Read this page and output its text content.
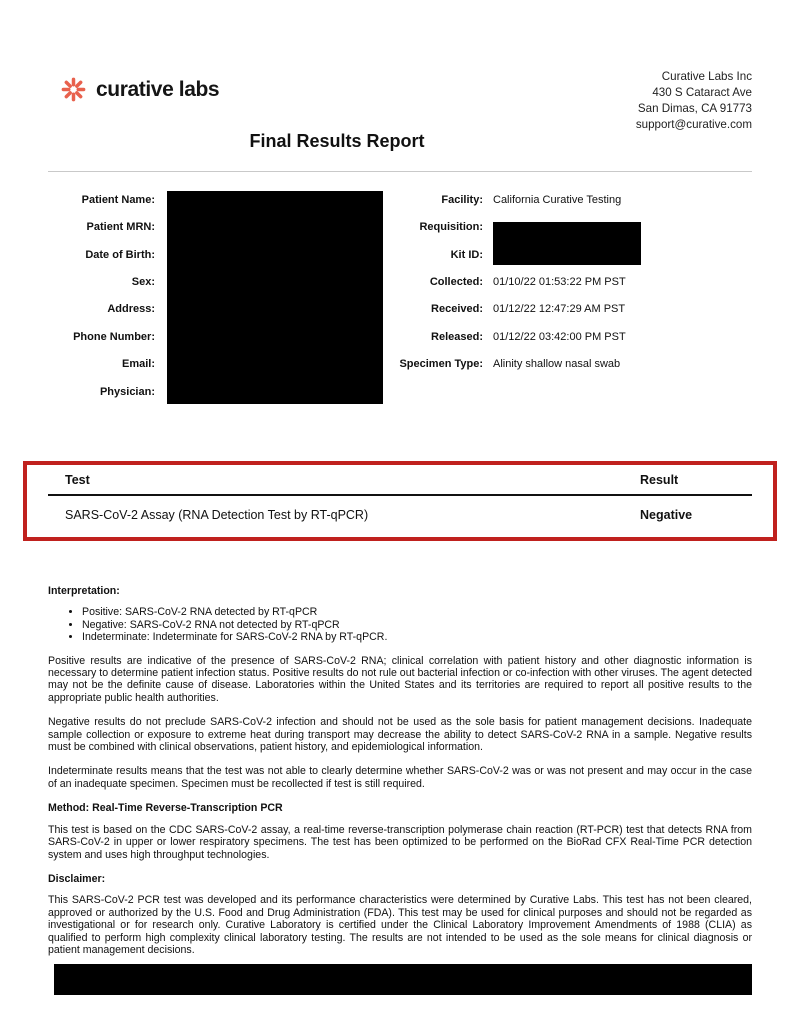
curative labs
Curative Labs Inc
430 S Cataract Ave
San Dimas, CA 91773
support@curative.com
Final Results Report
Patient Name:
Patient MRN:
Date of Birth:
Sex:
Address:
Phone Number:
Email:
Physician:
Facility: California Curative Testing
Requisition:
Kit ID:
Collected: 01/10/22 01:53:22 PM PST
Received: 01/12/22 12:47:29 AM PST
Released: 01/12/22 03:42:00 PM PST
Specimen Type: Alinity shallow nasal swab
Test	Result
SARS-CoV-2 Assay (RNA Detection Test by RT-qPCR)	Negative
Interpretation:
• Positive: SARS-CoV-2 RNA detected by RT-qPCR
• Negative: SARS-CoV-2 RNA not detected by RT-qPCR
• Indeterminate: Indeterminate for SARS-CoV-2 RNA by RT-qPCR.

Positive results are indicative of the presence of SARS-CoV-2 RNA; clinical correlation with patient history and other diagnostic information is necessary to determine patient infection status. Positive results do not rule out bacterial infection or co-infection with other viruses. The agent detected may not be the definite cause of disease. Laboratories within the United States and its territories are required to report all positive results to the appropriate public health authorities.

Negative results do not preclude SARS-CoV-2 infection and should not be used as the sole basis for patient management decisions. Inadequate sample collection or exposure to extreme heat during transport may decrease the ability to detect SARS-CoV-2 RNA in a sample. Negative results must be combined with clinical observations, patient history, and epidemiological information.

Indeterminate results means that the test was not able to clearly determine whether SARS-CoV-2 was or was not present and may occur in the case of an inadequate specimen. Specimen must be recollected if test is still required.

Method: Real-Time Reverse-Transcription PCR

This test is based on the CDC SARS-CoV-2 assay, a real-time reverse-transcription polymerase chain reaction (RT-PCR) test that detects RNA from SARS-CoV-2 in upper or lower respiratory specimens. The test has been optimized to be performed on the BioRad CFX Real-Time PCR detection system and uses high throughput technologies.

Disclaimer:

This SARS-CoV-2 PCR test was developed and its performance characteristics were determined by Curative Labs. This test has not been cleared, approved or authorized by the U.S. Food and Drug Administration (FDA). This test may be used for clinical purposes and should not be regarded as investigational or for research only. Curative Laboratory is certified under the Clinical Laboratory Improvement Amendments of 1988 (CLIA) as qualified to perform high complexity clinical laboratory testing. The results are not intended to be used as the sole means for clinical diagnosis or patient management decisions.
